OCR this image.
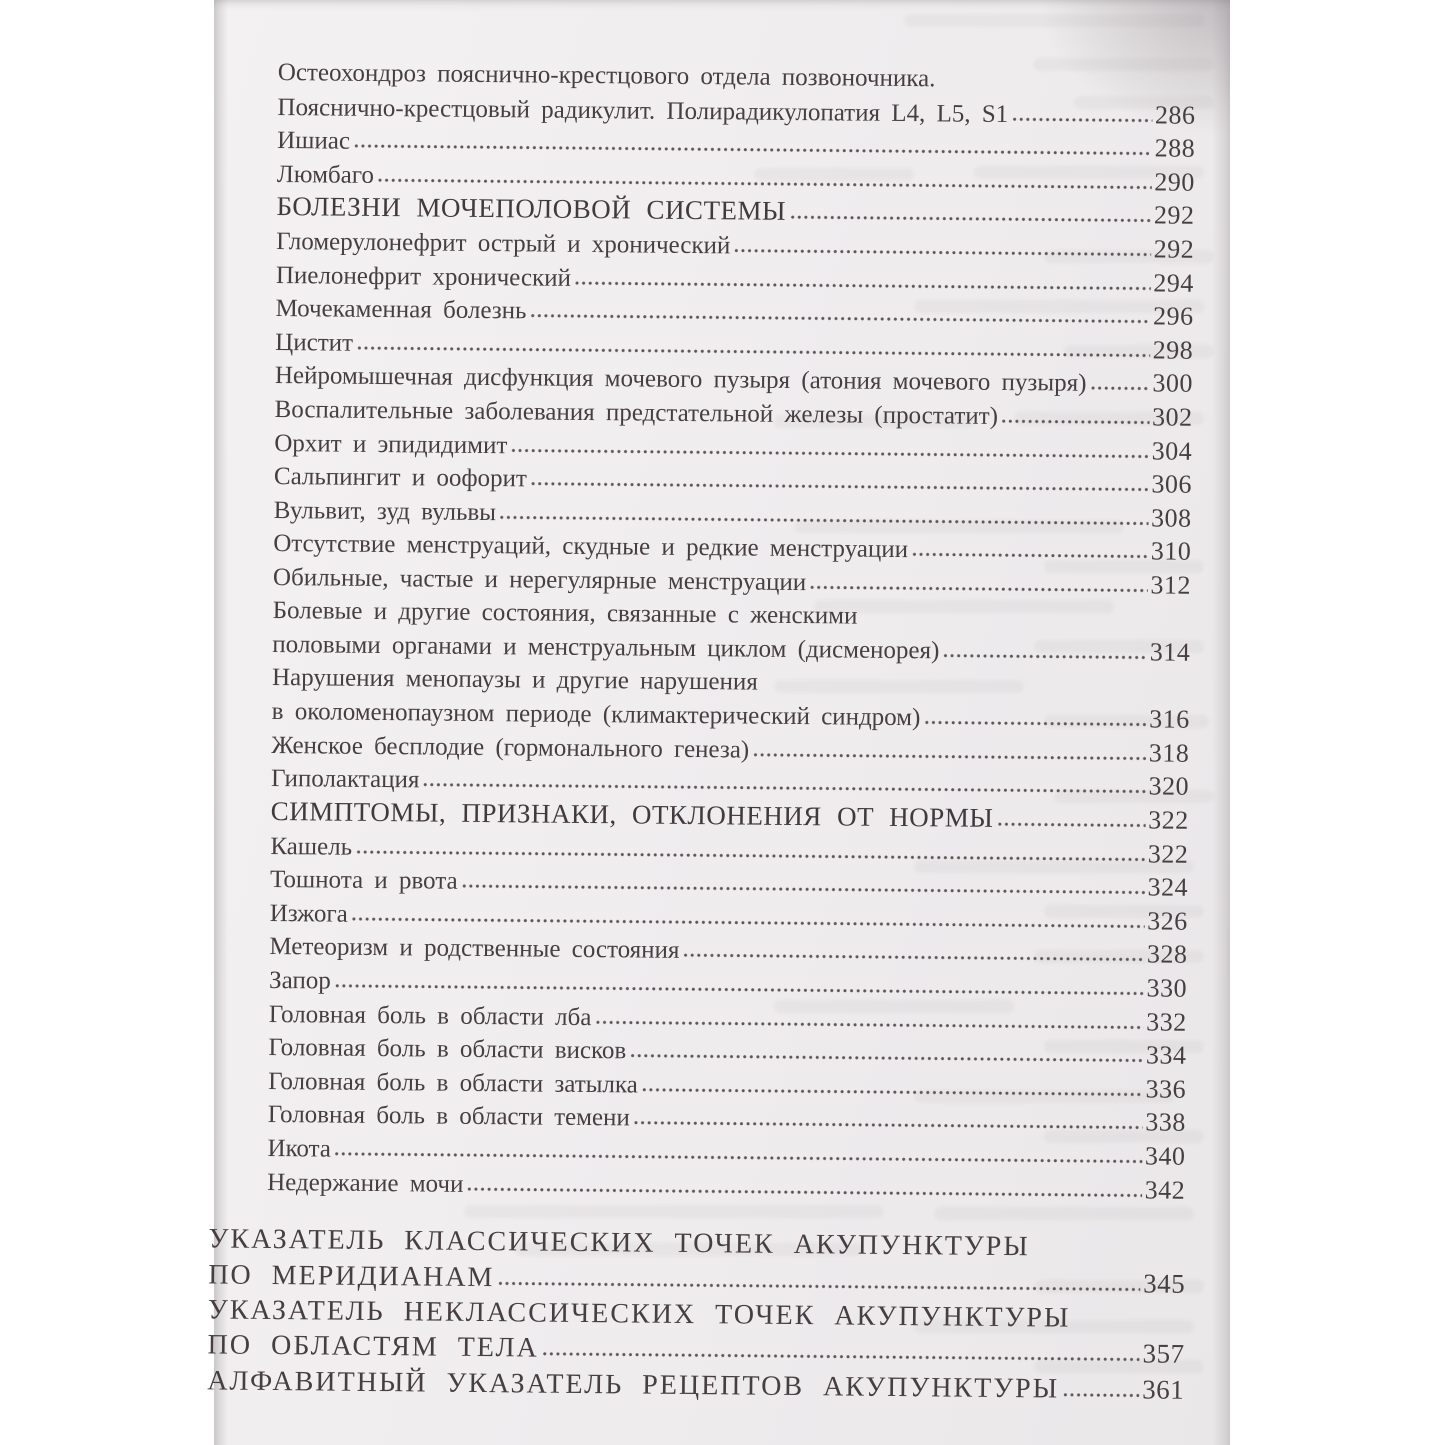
Остеохондроз пояснично-крестцового отдела позвоночника.
Пояснично-крестцовый радикулит. Полирадикулопатия L4, L5, S1	286
Ишиас	288
Люмбаго	290
БОЛЕЗНИ МОЧЕПОЛОВОЙ СИСТЕМЫ	292
Гломерулонефрит острый и хронический	292
Пиелонефрит хронический	294
Мочекаменная болезнь	296
Цистит	298
Нейромышечная дисфункция мочевого пузыря (атония мочевого пузыря)	300
Воспалительные заболевания предстательной железы (простатит)	302
Орхит и эпидидимит	304
Сальпингит и оофорит	306
Вульвит, зуд вульвы	308
Отсутствие менструаций, скудные и редкие менструации	310
Обильные, частые и нерегулярные менструации	312
Болевые и другие состояния, связанные с женскими
половыми органами и менструальным циклом (дисменорея)	314
Нарушения менопаузы и другие нарушения
в околоменопаузном периоде (климактерический синдром)	316
Женское бесплодие (гормонального генеза)	318
Гиполактация	320
СИМПТОМЫ, ПРИЗНАКИ, ОТКЛОНЕНИЯ ОТ НОРМЫ	322
Кашель	322
Тошнота и рвота	324
Изжога	326
Метеоризм и родственные состояния	328
Запор	330
Головная боль в области лба	332
Головная боль в области висков	334
Головная боль в области затылка	336
Головная боль в области темени	338
Икота	340
Недержание мочи	342
УКАЗАТЕЛЬ КЛАССИЧЕСКИХ ТОЧЕК АКУПУНКТУРЫ
ПО МЕРИДИАНАМ	345
УКАЗАТЕЛЬ НЕКЛАССИЧЕСКИХ ТОЧЕК АКУПУНКТУРЫ
ПО ОБЛАСТЯМ ТЕЛА	357
АЛФАВИТНЫЙ УКАЗАТЕЛЬ РЕЦЕПТОВ АКУПУНКТУРЫ	361
